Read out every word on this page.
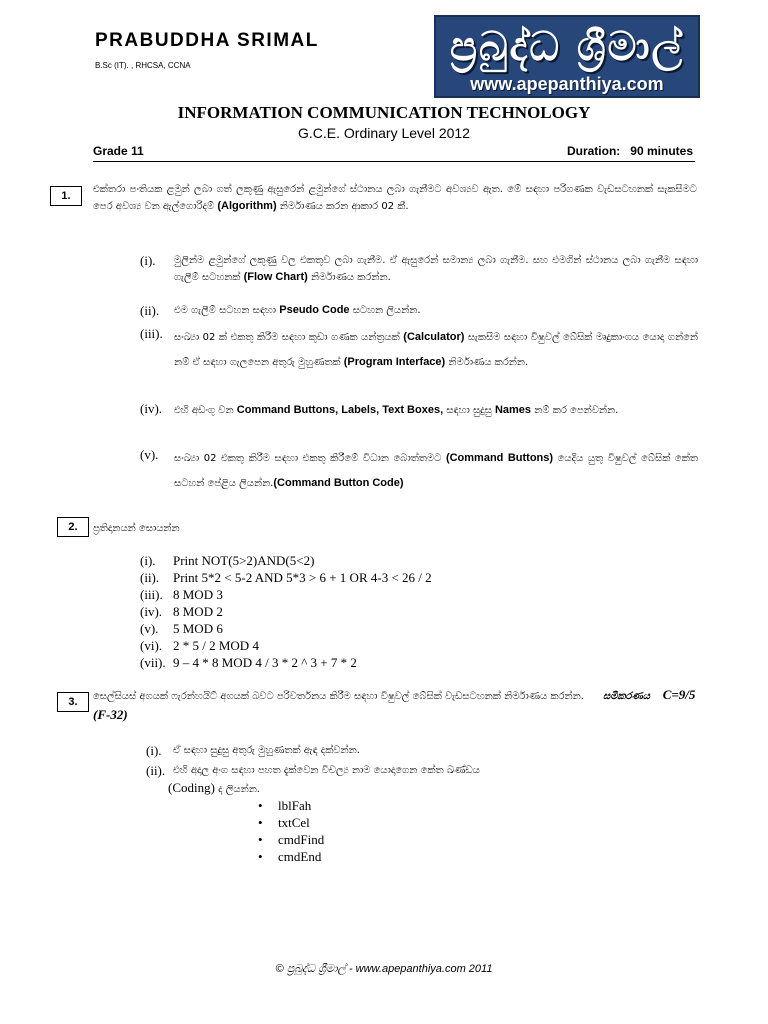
PRABUDDHA SRIMAL
B.Sc (IT). , RHCSA, CCNA	ප්‍රබුද්ධ ශ්‍රීමාල්
www.apepanthiya.com
INFORMATION COMMUNICATION TECHNOLOGY
G.C.E. Ordinary Level 2012
Grade 11	Duration: 90 minutes
1.
එක්තරා පංතියක ළමුන් ලබා ගත් ලකුණු ඇසුරෙන් ළමුන්ගේ ස්ථානය ලබා ගැනීමට අවශ්‍යව ඇත. මේ සඳහා පරිගණක වැඩසටහනක් සැකසීමට පෙර අවශ්‍ය වන ඇල්ගොරිදම් (Algorithm) නිර්මාණය කරන ආකාර 02 කී.
(i). මුලින්ම ළමුන්ගේ ලකුණු වල එකතුව ලබා ගැනීම. ඒ ඇසුරෙන් සමාන්‍ය ලබා ගැනීම. සහ එමගින් ස්ථානය ලබා ගැනීම සඳහා ගැලීම් සටහනක් (Flow Chart) නිර්මාණය කරන්න.
(ii). එම ගැලීම් සටහන සඳහා Pseudo Code සටහන ලියන්න.
(iii). සංඛ්‍යා 02 ක් එකතු කිරීම සඳහා කුඩා ගණක යන්ත්‍රයක් (Calculator) සැකසීම සඳහා විෂුවල් බේසික් මෘදුකාංගය යොදා ගන්නේ නම් ඒ සඳහා ගැලපෙන අතුරු මුහුණතක් (Program Interface) නිර්මාණය කරන්න.
(iv). එහි අඩංගු වන Command Buttons, Labels, Text Boxes, සඳහා සුදුසු Names නම් කර පෙන්වන්න.
(v). සංඛ්‍යා 02 එකතු කිරීම සඳහා එකතු කිරීමේ විධාන බොත්තමට (Command Buttons) යෙදිය යුතු විෂුවල් බේසික් කේත සටහන් පේළිය ලියන්න.(Command Button Code)
2.	ප්‍රතිදානයන් සොයන්න
(i). Print NOT(5>2)AND(5<2)
(ii). Print 5*2 < 5-2 AND 5*3 > 6 + 1 OR 4-3 < 26 / 2
(iii). 8 MOD 3
(iv). 8 MOD 2
(v). 5 MOD 6
(vi). 2 * 5 / 2 MOD 4
(vii). 9 – 4 * 8 MOD 4 / 3 * 2 ^ 3 + 7 * 2
3.	සෙල්සියස් අගයක් ෆැරන්හයිට් අගයක් බවට පරිවර්තනය කිරීම සඳහා විෂුවල් බේසික් වැඩසටහනක් නිර්මාණය කරන්න. සමීකරණය C=9/5 (F-32)
(i). ඒ සඳහා සුදුසු අතුරු මුහුණතක් ඇඳ දක්වන්න.
(ii). එහි අදාල අංග සඳහා පහත දැක්වෙන විචල්‍ය නාම යොදාගෙන කේත ඛණ්ඩය
(Coding) ද ලියන්න.
• lblFah
• txtCel
• cmdFind
• cmdEnd
© ප්‍රබුද්ධ ශ්‍රීමාල් - www.apepanthiya.com 2011
